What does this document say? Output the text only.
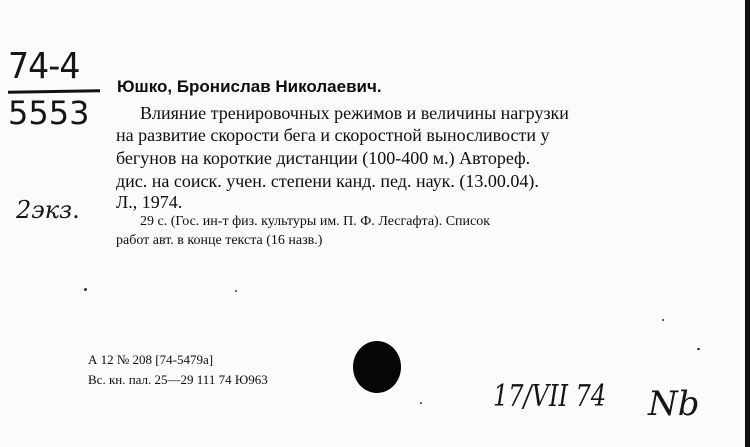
74-4
5553
2экз.
Юшко, Бронислав Николаевич.
Влияние тренировочных режимов и величины нагрузки
на развитие скорости бега и скоростной выносливости у
бегунов на короткие дистанции (100-400 м.) Автореф.
дис. на соиск. учен. степени канд. пед. наук. (13.00.04).
Л., 1974.
29 с. (Гос. ин-т физ. культуры им. П. Ф. Лесгафта). Список
работ авт. в конце текста (16 назв.)
А 12 № 208 [74-5479а]
Вс. кн. пал. 25—29 111 74 Ю963	17/VII 74 Nb
